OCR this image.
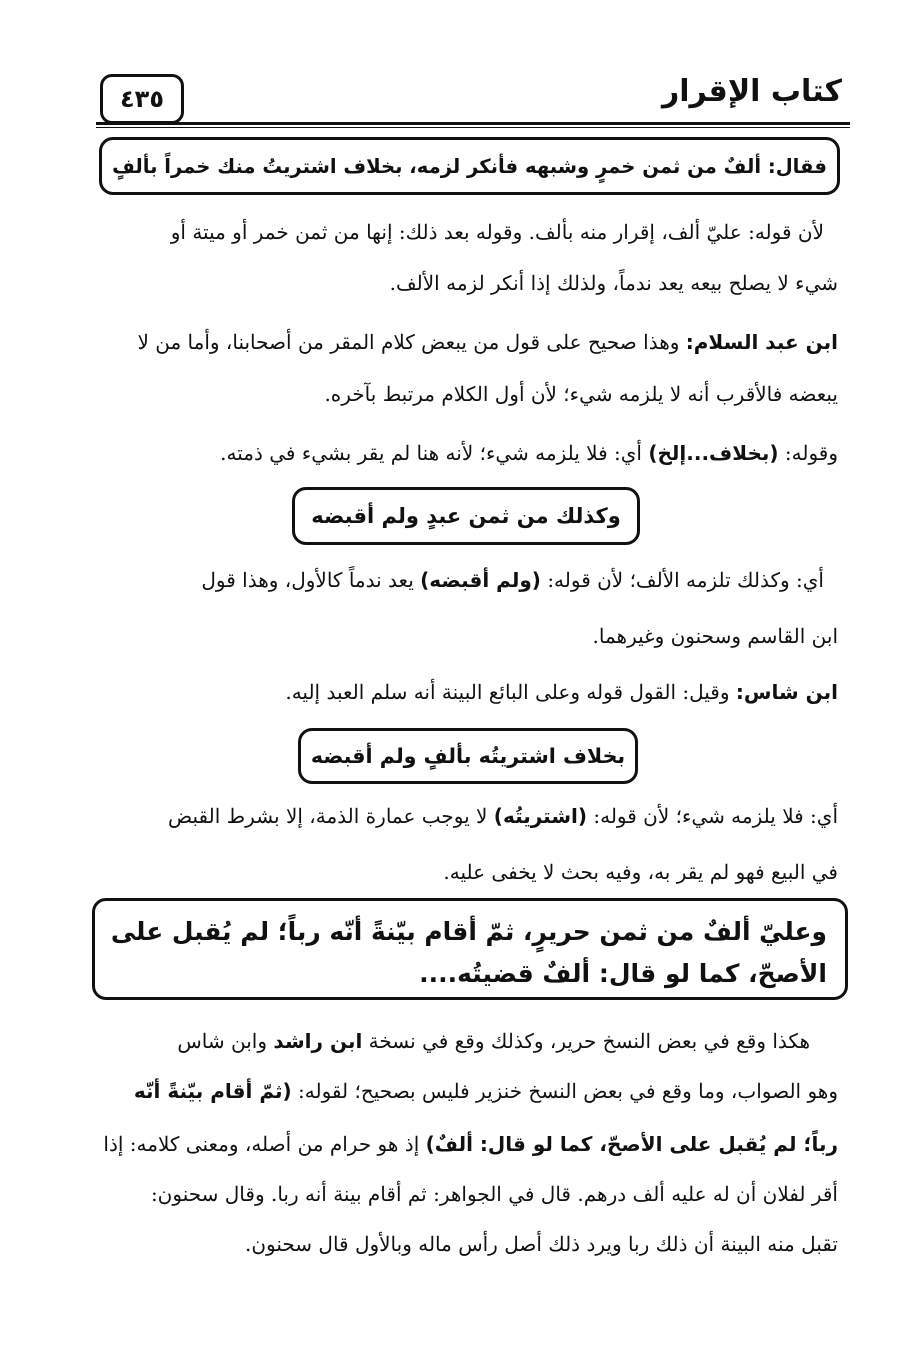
كتاب الإقرار
٤٣٥
فقال: ألفٌ من ثمن خمرٍ وشبهه فأنكر لزمه، بخلاف اشتريتُ منك خمراً بألفٍ
لأن قوله: عليّ ألف، إقرار منه بألف. وقوله بعد ذلك: إنها من ثمن خمر أو ميتة أو
شيء لا يصلح بيعه يعد ندماً، ولذلك إذا أنكر لزمه الألف.
ابن عبد السلام: وهذا صحيح على قول من يبعض كلام المقر من أصحابنا، وأما من لا
يبعضه فالأقرب أنه لا يلزمه شيء؛ لأن أول الكلام مرتبط بآخره.
وقوله: (بخلاف...إلخ) أي: فلا يلزمه شيء؛ لأنه هنا لم يقر بشيء في ذمته.
وكذلك من ثمن عبدٍ ولم أقبضه
أي: وكذلك تلزمه الألف؛ لأن قوله: (ولم أقبضه) يعد ندماً كالأول، وهذا قول
ابن القاسم وسحنون وغيرهما.
ابن شاس: وقيل: القول قوله وعلى البائع البينة أنه سلم العبد إليه.
بخلاف اشتريتُه بألفٍ ولم أقبضه
أي: فلا يلزمه شيء؛ لأن قوله: (اشتريتُه) لا يوجب عمارة الذمة، إلا بشرط القبض
في البيع فهو لم يقر به، وفيه بحث لا يخفى عليه.
وعليّ ألفٌ من ثمن حريرٍ، ثمّ أقام بيّنةً أنّه رباً؛ لم يُقبل على
الأصحّ، كما لو قال: ألفٌ قضيتُه....
هكذا وقع في بعض النسخ حرير، وكذلك وقع في نسخة ابن راشد وابن شاس
وهو الصواب، وما وقع في بعض النسخ خنزير فليس بصحيح؛ لقوله: (ثمّ أقام بيّنةً أنّه
رباً؛ لم يُقبل على الأصحّ، كما لو قال: ألفٌ) إذ هو حرام من أصله، ومعنى كلامه: إذا
أقر لفلان أن له عليه ألف درهم. قال في الجواهر: ثم أقام بينة أنه ربا. وقال سحنون:
تقبل منه البينة أن ذلك ربا ويرد ذلك أصل رأس ماله وبالأول قال سحنون.
